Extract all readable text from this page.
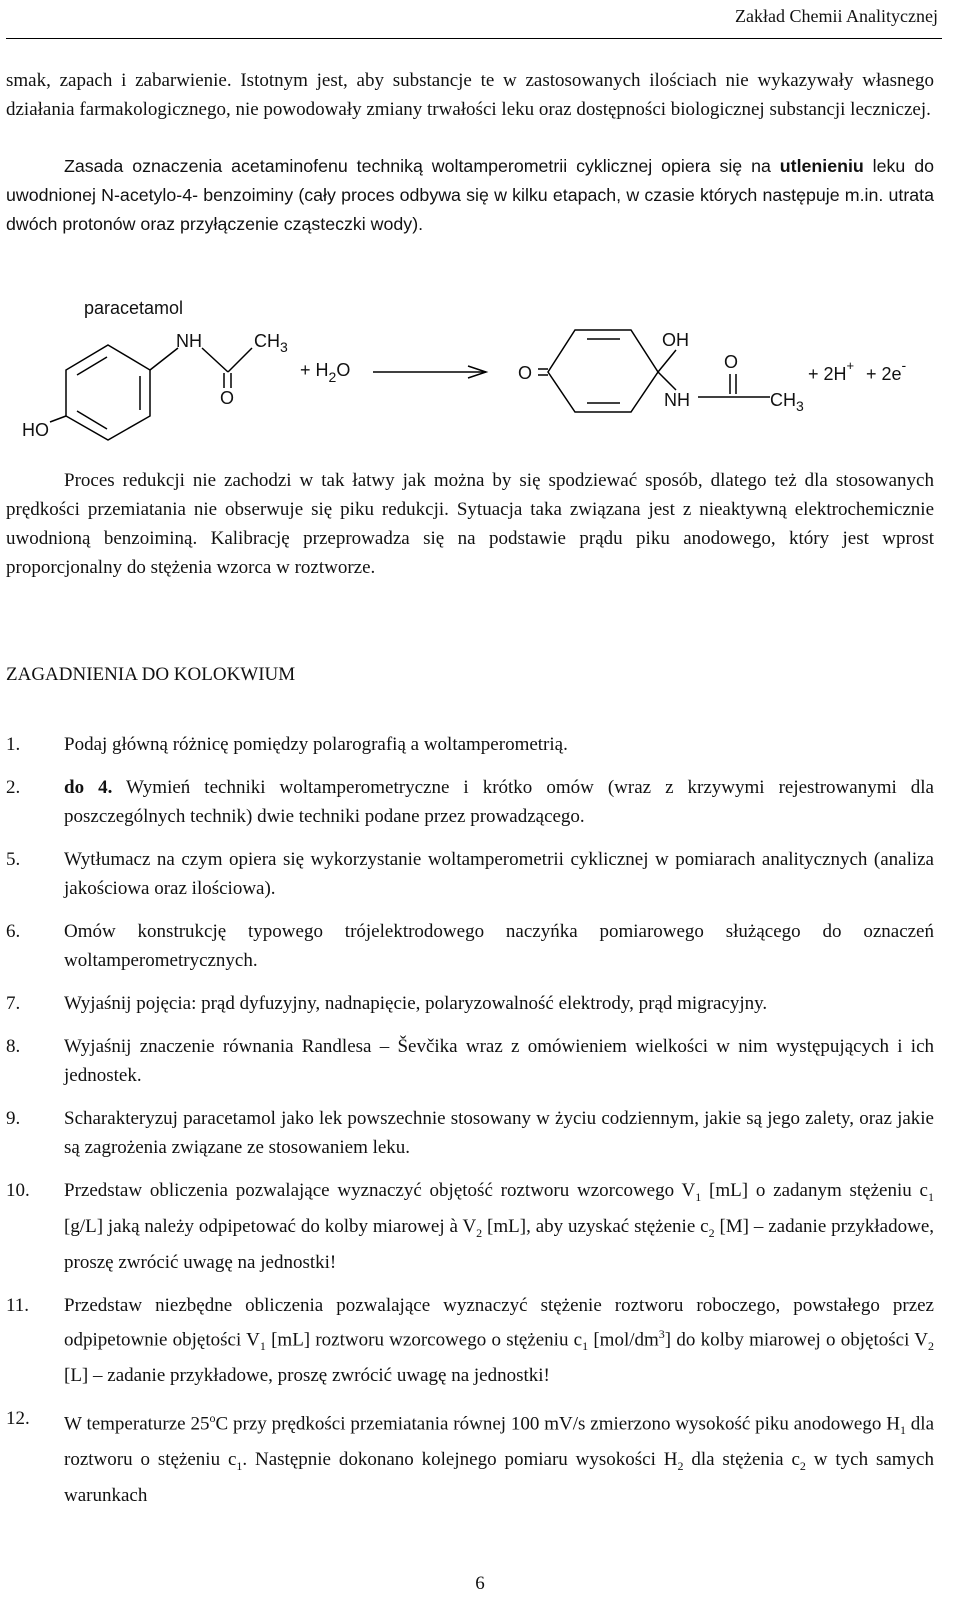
Zakład Chemii Analitycznej

smak, zapach i zabarwienie. Istotnym jest, aby substancje te w zastosowanych ilościach nie wykazywały własnego działania farmakologicznego, nie powodowały zmiany trwałości leku oraz dostępności biologicznej substancji leczniczej.

Zasada oznaczenia acetaminofenu techniką woltamperometrii cyklicznej opiera się na utlenieniu leku do uwodnionej N-acetylo-4- benzoiminy (cały proces odbywa się w kilku etapach, w czasie których następuje m.in. utrata dwóch protonów oraz przyłączenie cząsteczki wody).

paracetamol
NH	$CH_3$
O
HO
+ $H_2O$	O
OH
O
NH	$CH_3$
+ 2H+ + 2e-

Proces redukcji nie zachodzi w tak łatwy jak można by się spodziewać sposób, dlatego też dla stosowanych prędkości przemiatania nie obserwuje się piku redukcji. Sytuacja taka związana jest z nieaktywną elektrochemicznie uwodnioną benzoiminą. Kalibrację przeprowadza się na podstawie prądu piku anodowego, który jest wprost proporcjonalny do stężenia wzorca w roztworze.

ZAGADNIENIA DO KOLOKWIUM
1.	Podaj główną różnicę pomiędzy polarografią a woltamperometrią.
2.	do 4. Wymień techniki woltamperometryczne i krótko omów (wraz z krzywymi rejestrowanymi dla poszczególnych technik) dwie techniki podane przez prowadzącego.
5.	Wytłumacz na czym opiera się wykorzystanie woltamperometrii cyklicznej w pomiarach analitycznych (analiza jakościowa oraz ilościowa).
6.	Omów konstrukcję typowego trójelektrodowego naczyńka pomiarowego służącego do oznaczeń woltamperometrycznych.
7.	Wyjaśnij pojęcia: prąd dyfuzyjny, nadnapięcie, polaryzowalność elektrody, prąd migracyjny.
8.	Wyjaśnij znaczenie równania Randlesa – Ševčika wraz z omówieniem wielkości w nim występujących i ich jednostek.
9.	Scharakteryzuj paracetamol jako lek powszechnie stosowany w życiu codziennym, jakie są jego zalety, oraz jakie są zagrożenia związane ze stosowaniem leku.
10.	Przedstaw obliczenia pozwalające wyznaczyć objętość roztworu wzorcowego $V_1$ [mL] o zadanym stężeniu $c_1$ [g/L] jaką należy odpipetować do kolby miarowej à $V_2$ [mL], aby uzyskać stężenie $c_2$ [M] – zadanie przykładowe, proszę zwrócić uwagę na jednostki!
11.	Przedstaw niezbędne obliczenia pozwalające wyznaczyć stężenie roztworu roboczego, powstałego przez odpipetownie objętości $V_1$ [mL] roztworu wzorcowego o stężeniu $c_1$ $[mol/dm^3]$ do kolby miarowej o objętości $V_2$ [L] – zadanie przykładowe, proszę zwrócić uwagę na jednostki!
12.	W temperaturze 25$^o$C przy prędkości przemiatania równej 100 mV/s zmierzono wysokość piku anodowego $H_1$ dla roztworu o stężeniu $c_1$. Następnie dokonano kolejnego pomiaru wysokości $H_2$ dla stężenia $c_2$ w tych samych warunkach
6
